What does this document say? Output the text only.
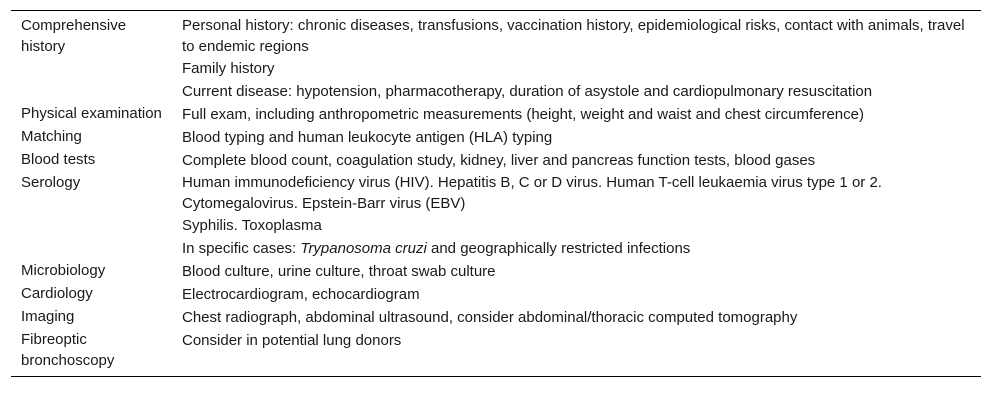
Comprehensive history	Personal history: chronic diseases, transfusions, vaccination history, epidemiological risks, contact with animals, travel to endemic regions
Family history
Current disease: hypotension, pharmacotherapy, duration of asystole and cardiopulmonary resuscitation

Physical examination	Full exam, including anthropometric measurements (height, weight and waist and chest circumference)

Matching	Blood typing and human leukocyte antigen (HLA) typing

Blood tests	Complete blood count, coagulation study, kidney, liver and pancreas function tests, blood gases

Serology	Human immunodeficiency virus (HIV). Hepatitis B, C or D virus. Human T-cell leukaemia virus type 1 or 2. Cytomegalovirus. Epstein-Barr virus (EBV)
Syphilis. Toxoplasma
In specific cases: Trypanosoma cruzi and geographically restricted infections

Microbiology	Blood culture, urine culture, throat swab culture

Cardiology	Electrocardiogram, echocardiogram

Imaging	Chest radiograph, abdominal ultrasound, consider abdominal/thoracic computed tomography

Fibreoptic bronchoscopy	Consider in potential lung donors
